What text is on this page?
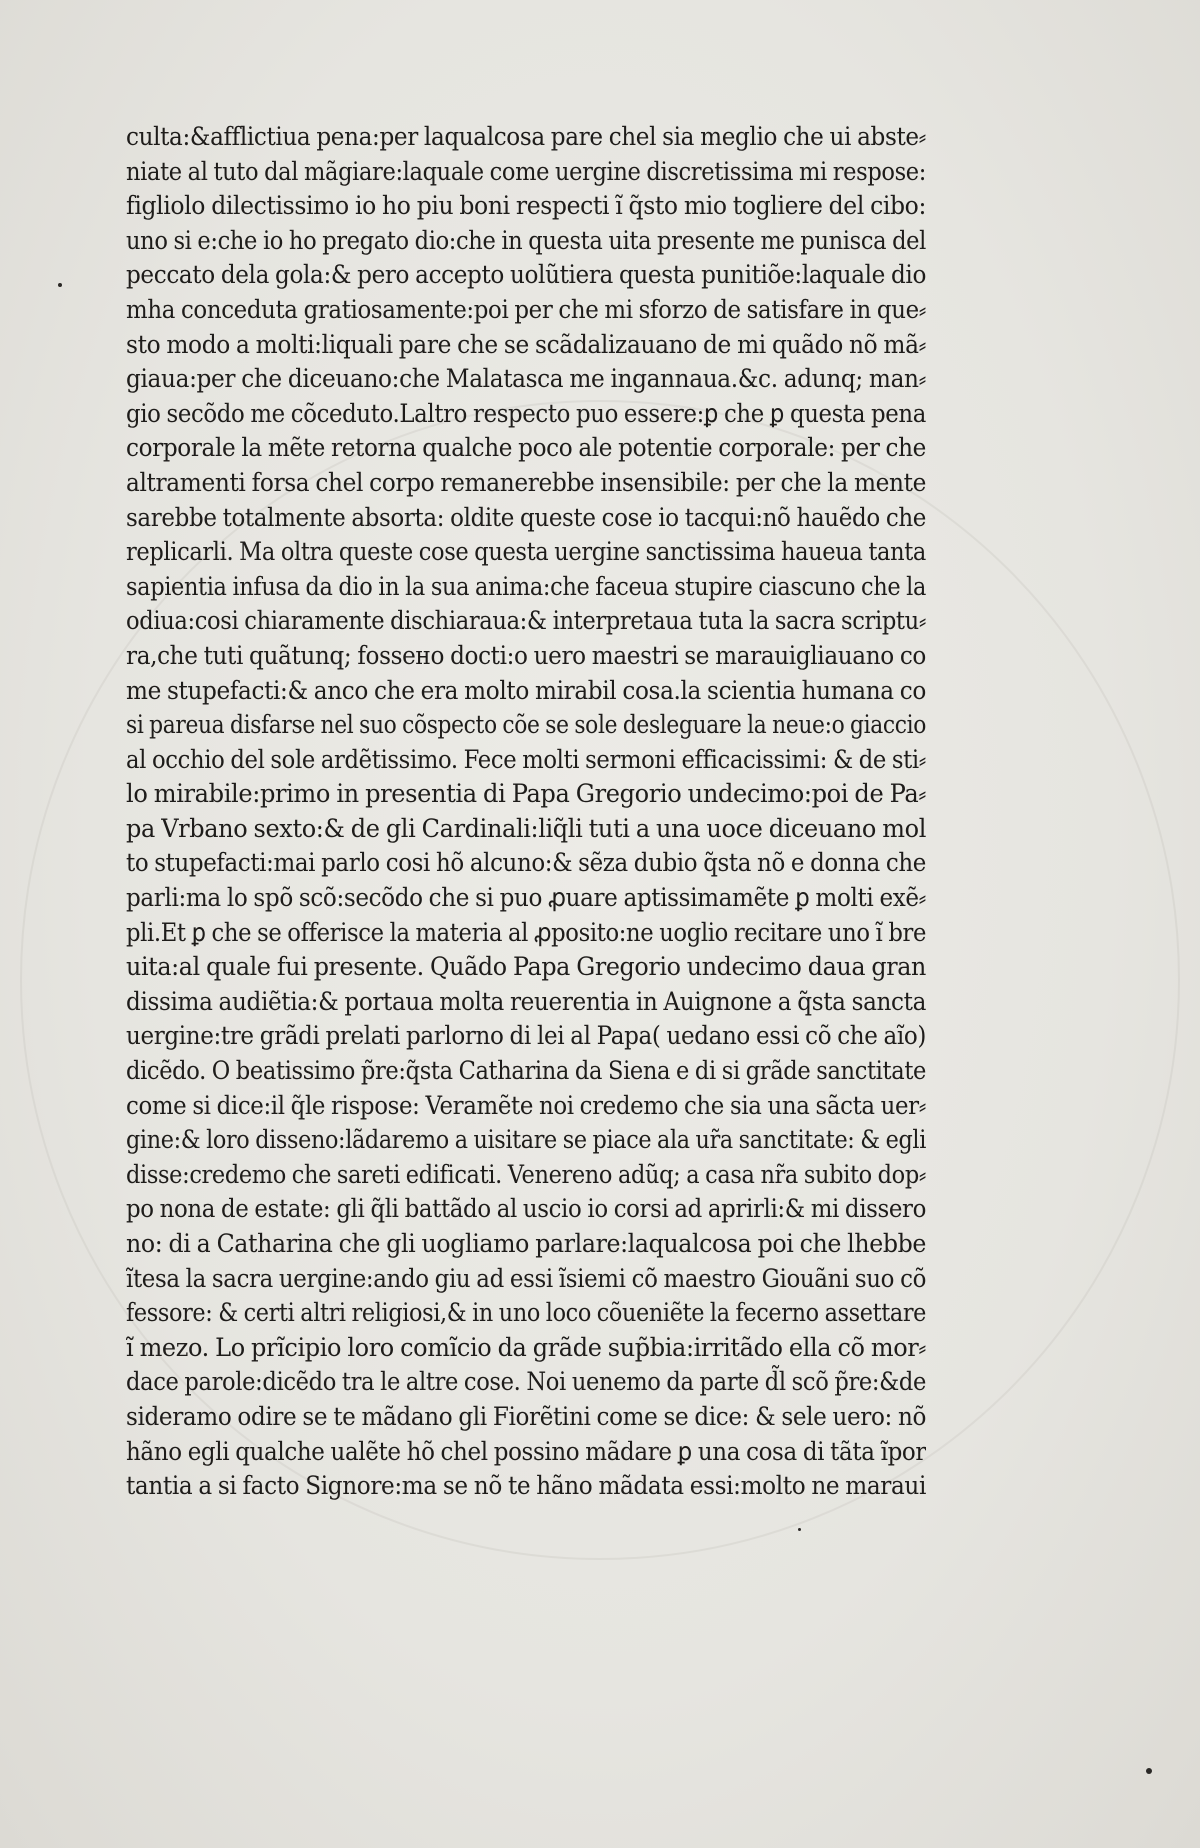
culta:&afflictiua pena:per laqualcosa pare chel sia meglio che ui abste⸗
niate al tuto dal mãgiare:laquale come uergine discretissima mi respose:
figliolo dilectissimo io ho piu boni respecti ĩ q̃sto mio togliere del cibo:
uno si e:che io ho pregato dio:che in questa uita presente me punisca del
peccato dela gola:& pero accepto uolũtiera questa punitiõe:laquale dio
mha conceduta gratiosamente:poi per che mi sforzo de satisfare in que⸗
sto modo a molti:liquali pare che se scãdalizauano de mi quãdo nõ mã⸗
giaua:per che diceuano:che Malatasca me ingannaua.&c. adunq; man⸗
gio secõdo me cõceduto.Laltro respecto puo essere:ꝑ che ꝑ questa pena
corporale la mẽte retorna qualche poco ale potentie corporale: per che
altramenti forsa chel corpo remanerebbe insensibile: per che la mente
sarebbe totalmente absorta: oldite queste cose io tacqui:nõ hauẽdo che
replicarli. Ma oltra queste cose questa uergine sanctissima haueua tanta
sapientia infusa da dio in la sua anima:che faceua stupire ciascuno che la
odiua:cosi chiaramente dischiaraua:& interpretaua tuta la sacra scriptu⸗
ra,che tuti quãtunq; fossено docti:o uero maestri se marauigliauano co
me stupefacti:& anco che era molto mirabil cosa.la scientia humana co
si pareua disfarse nel suo cõspecto cõe se sole desleguare la neue:o giaccio
al occhio del sole ardẽtissimo. Fece molti sermoni efficacissimi: & de sti⸗
lo mirabile:primo in presentia di Papa Gregorio undecimo:poi de Pa⸗
pa Vrbano sexto:& de gli Cardinali:liq̃li tuti a una uoce diceuano mol
to stupefacti:mai parlo cosi hõ alcuno:& sẽza dubio q̃sta nõ e donna che
parli:ma lo spõ scõ:secõdo che si puo ꝓuare aptissimamẽte ꝑ molti exẽ⸗
pli.Et ꝑ che se offerisce la materia al ꝓposito:ne uoglio recitare uno ĩ bre
uita:al quale fui presente. Quãdo Papa Gregorio undecimo daua gran
dissima audiẽtia:& portaua molta reuerentia in Auignone a q̃sta sancta
uergine:tre grãdi prelati parlorno di lei al Papa( uedano essi cõ che aĩo)
dicẽdo. O beatissimo p̃re:q̃sta Catharina da Siena e di si grãde sanctitate
come si dice:il q̃le rispose: Veramẽte noi credemo che sia una sãcta uer⸗
gine:& loro dissеno:lãdaremo a uisitare se piace ala ur̃a sanctitate: & egli
disse:credemo che sareti edificati. Venereno adũq; a casa nr̃a subito dop⸗
po nona de estate: gli q̃li battãdo al uscio io corsi ad aprirli:& mi dissero
no: di a Catharina che gli uogliamo parlare:laqualcosa poi che lhebbe
ĩtesa la sacra uergine:ando giu ad essi ĩsiemi cõ maestro Giouãni suo cõ
fessore: & certi altri religiosi,& in uno loco cõueniẽte la fecerno assettare
ĩ mezo. Lo prĩcipio loro comĩcio da grãde sup̃bia:irritãdo ella cõ mor⸗
dace parole:dicẽdo tra le altre cose. Noi uenemo da parte d̃l scõ p̃re:&de
sideramo odire se te mãdano gli Fiorẽtini come se dice: & sele uero: nõ
hãno egli qualche ualẽte hõ chel possino mãdare ꝑ una cosa di tãta ĩpor
tantia a si facto Signore:ma se nõ te hãno mãdata essi:molto ne maraui
